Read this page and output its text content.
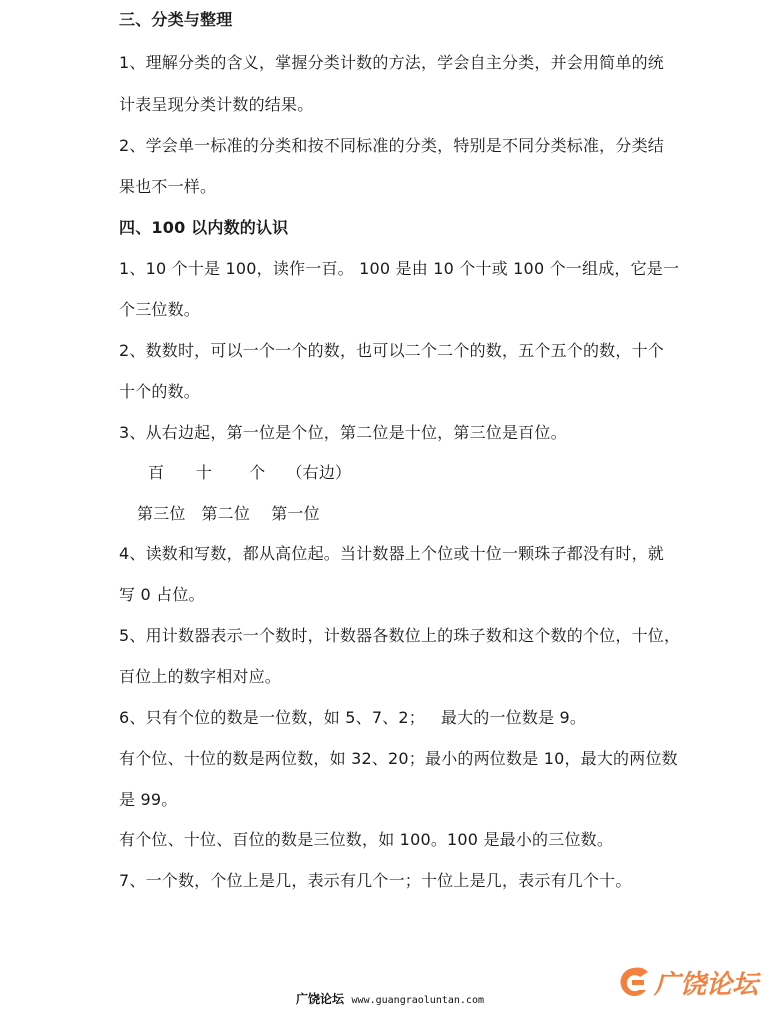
三、分类与整理
1、理解分类的含义，掌握分类计数的方法，学会自主分类，并会用简单的统
计表呈现分类计数的结果。
2、学会单一标准的分类和按不同标准的分类，特别是不同分类标准，分类结
果也不一样。
四、100 以内数的认识
1、10 个十是 100，读作一百。 100 是由 10 个十或 100 个一组成，它是一
个三位数。
2、数数时，可以一个一个的数，也可以二个二个的数，五个五个的数，十个
十个的数。
3、从右边起，第一位是个位，第二位是十位，第三位是百位。
百      十       个    （右边）
第三位   第二位    第一位
4、读数和写数，都从高位起。当计数器上个位或十位一颗珠子都没有时，就
写 0 占位。
5、用计数器表示一个数时，计数器各数位上的珠子数和这个数的个位，十位，
百位上的数字相对应。
6、只有个位的数是一位数，如 5、7、2；   最大的一位数是 9。
有个位、十位的数是两位数，如 32、20；最小的两位数是 10，最大的两位数
是 99。
有个位、十位、百位的数是三位数，如 100。100 是最小的三位数。
7、一个数，个位上是几，表示有几个一；十位上是几，表示有几个十。
广饶论坛 www.guangraoluntan.com
广饶论坛
